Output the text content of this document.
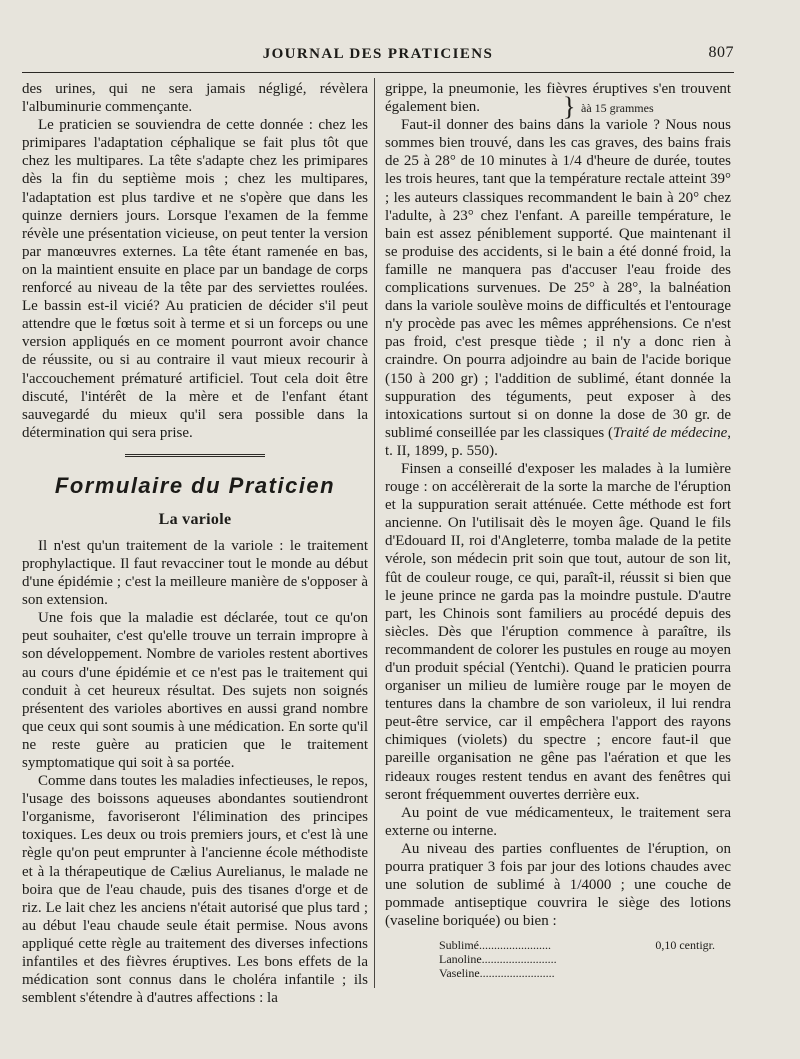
JOURNAL DES PRATICIENS	807

des urines, qui ne sera jamais négligé, révèlera l'albuminurie commençante.

Le praticien se souviendra de cette donnée : chez les primipares l'adaptation céphalique se fait plus tôt que chez les multipares. La tête s'adapte chez les primipares dès la fin du septième mois ; chez les multipares, l'adaptation est plus tardive et ne s'opère que dans les quinze derniers jours. Lorsque l'examen de la femme révèle une présentation vicieuse, on peut tenter la version par manœuvres externes. La tête étant ramenée en bas, on la maintient ensuite en place par un bandage de corps renforcé au niveau de la tête par des serviettes roulées. Le bassin est-il vicié? Au praticien de décider s'il peut attendre que le fœtus soit à terme et si un forceps ou une version appliqués en ce moment pourront avoir chance de réussite, ou si au contraire il vaut mieux recourir à l'accouchement prématuré artificiel. Tout cela doit être discuté, l'intérêt de la mère et de l'enfant étant sauvegardé du mieux qu'il sera possible dans la détermination qui sera prise.

Formulaire du Praticien
La variole

Il n'est qu'un traitement de la variole : le traitement prophylactique. Il faut revacciner tout le monde au début d'une épidémie ; c'est la meilleure manière de s'opposer à son extension.

Une fois que la maladie est déclarée, tout ce qu'on peut souhaiter, c'est qu'elle trouve un terrain impropre à son développement. Nombre de varioles restent abortives au cours d'une épidémie et ce n'est pas le traitement qui conduit à cet heureux résultat. Des sujets non soignés présentent des varioles abortives en aussi grand nombre que ceux qui sont soumis à une médication. En sorte qu'il ne reste guère au praticien que le traitement symptomatique qui soit à sa portée.

Comme dans toutes les maladies infectieuses, le repos, l'usage des boissons aqueuses abondantes soutiendront l'organisme, favoriseront l'élimination des principes toxiques. Les deux ou trois premiers jours, et c'est là une règle qu'on peut emprunter à l'ancienne école méthodiste et à la thérapeutique de Cælius Aurelianus, le malade ne boira que de l'eau chaude, puis des tisanes d'orge et de riz. Le lait chez les anciens n'était autorisé que plus tard ; au début l'eau chaude seule était permise. Nous avons appliqué cette règle au traitement des diverses infections infantiles et des fièvres éruptives. Les bons effets de la médication sont connus dans le choléra infantile ; ils semblent s'étendre à d'autres affections : la

grippe, la pneumonie, les fièvres éruptives s'en trouvent également bien.

Faut-il donner des bains dans la variole ? Nous nous sommes bien trouvé, dans les cas graves, des bains frais de 25 à 28° de 10 minutes à 1/4 d'heure de durée, toutes les trois heures, tant que la température rectale atteint 39° ; les auteurs classiques recommandent le bain à 20° chez l'adulte, à 23° chez l'enfant. A pareille température, le bain est assez péniblement supporté. Que maintenant il se produise des accidents, si le bain a été donné froid, la famille ne manquera pas d'accuser l'eau froide des complications survenues. De 25° à 28°, la balnéation dans la variole soulève moins de difficultés et l'entourage n'y procède pas avec les mêmes appréhensions. Ce n'est pas froid, c'est presque tiède ; il n'y a donc rien à craindre. On pourra adjoindre au bain de l'acide borique (150 à 200 gr) ; l'addition de sublimé, étant donnée la suppuration des téguments, peut exposer à des intoxications surtout si on donne la dose de 30 gr. de sublimé conseillée par les classiques (Traité de médecine, t. II, 1899, p. 550).

Finsen a conseillé d'exposer les malades à la lumière rouge : on accélèrerait de la sorte la marche de l'éruption et la suppuration serait atténuée. Cette méthode est fort ancienne. On l'utilisait dès le moyen âge. Quand le fils d'Edouard II, roi d'Angleterre, tomba malade de la petite vérole, son médecin prit soin que tout, autour de son lit, fût de couleur rouge, ce qui, paraît-il, réussit si bien que le jeune prince ne garda pas la moindre pustule. D'autre part, les Chinois sont familiers au procédé depuis des siècles. Dès que l'éruption commence à paraître, ils recommandent de colorer les pustules en rouge au moyen d'un produit spécial (Yentchi). Quand le praticien pourra organiser un milieu de lumière rouge par le moyen de tentures dans la chambre de son varioleux, il lui rendra peut-être service, car il empêchera l'apport des rayons chimiques (violets) du spectre ; encore faut-il que pareille organisation ne gêne pas l'aération et que les rideaux rouges restent tendus en avant des fenêtres qui seront fréquemment ouvertes derrière eux.

Au point de vue médicamenteux, le traitement sera externe ou interne.

Au niveau des parties confluentes de l'éruption, on pourra pratiquer 3 fois par jour des lotions chaudes avec une solution de sublimé à 1/4000 ; une couche de pommade antiseptique couvrira le siège des lotions (vaseline boriquée) ou bien :

Sublimé........................	0,10 centigr.
Lanoline.........................
Vaseline.........................
} àà 15 grammes
